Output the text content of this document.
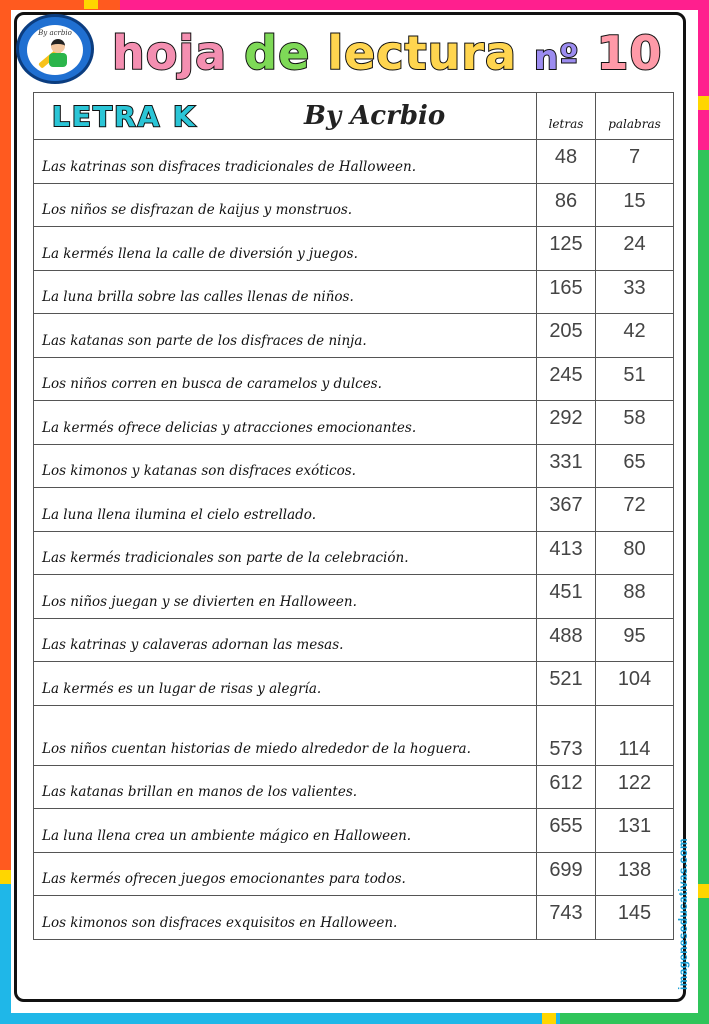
By acrbio hoja de lectura nº 10
LETRA K By Acrbio	letras	palabras
Las katrinas son disfraces tradicionales de Halloween.	48	7
Los niños se disfrazan de kaijus y monstruos.	86	15
La kermés llena la calle de diversión y juegos.	125	24
La luna brilla sobre las calles llenas de niños.	165	33
Las katanas son parte de los disfraces de ninja.	205	42
Los niños corren en busca de caramelos y dulces.	245	51
La kermés ofrece delicias y atracciones emocionantes.	292	58
Los kimonos y katanas son disfraces exóticos.	331	65
La luna llena ilumina el cielo estrellado.	367	72
Las kermés tradicionales son parte de la celebración.	413	80
Los niños juegan y se divierten en Halloween.	451	88
Las katrinas y calaveras adornan las mesas.	488	95
La kermés es un lugar de risas y alegría.	521	104
Los niños cuentan historias de miedo alrededor de la hoguera.	573	114
Las katanas brillan en manos de los valientes.	612	122
La luna llena crea un ambiente mágico en Halloween.	655	131
Las kermés ofrecen juegos emocionantes para todos.	699	138
Los kimonos son disfraces exquisitos en Halloween.	743	145 imageneseducativas.com
